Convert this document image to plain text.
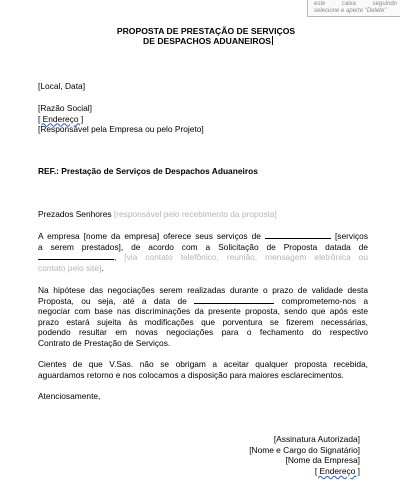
este	caixa	seguindo
selecione e aperte "Delete"
PROPOSTA DE PRESTAÇÃO DE SERVIÇOS
DE DESPACHOS ADUANEIROS
[Local, Data]
[Razão Social]
[ Endereço ]
[Responsável pela Empresa ou pelo Projeto]
REF.: Prestação de Serviços de Despachos Aduaneiros
Prezados Senhores [responsável pelo recebimento da proposta]
A empresa [nome da empresa] oferece seus serviços de	[serviços
a serem prestados], de acordo com a Solicitação de Proposta datada de
, [via contato telefônico, reunião, mensagem eletrônica ou
contato pelo site].
Na hipótese das negociações serem realizadas durante o prazo de validade desta
Proposta, ou seja, até a data de	comprometemo-nos a
negociar com base nas discriminações da presente proposta, sendo que após este
prazo estará sujeita às modificações que porventura se fizerem necessárias,
podendo resultar em novas negociações para o fechamento do respectivo
Contrato de Prestação de Serviços.
Cientes de que V.Sas. não se obrigam a aceitar qualquer proposta recebida,
aguardamos retorno e nos colocamos a disposição para maiores esclarecimentos.
Atenciosamente,
[Assinatura Autorizada]
[Nome e Cargo do Signatário]
[Nome da Empresa]
[ Endereço ]
